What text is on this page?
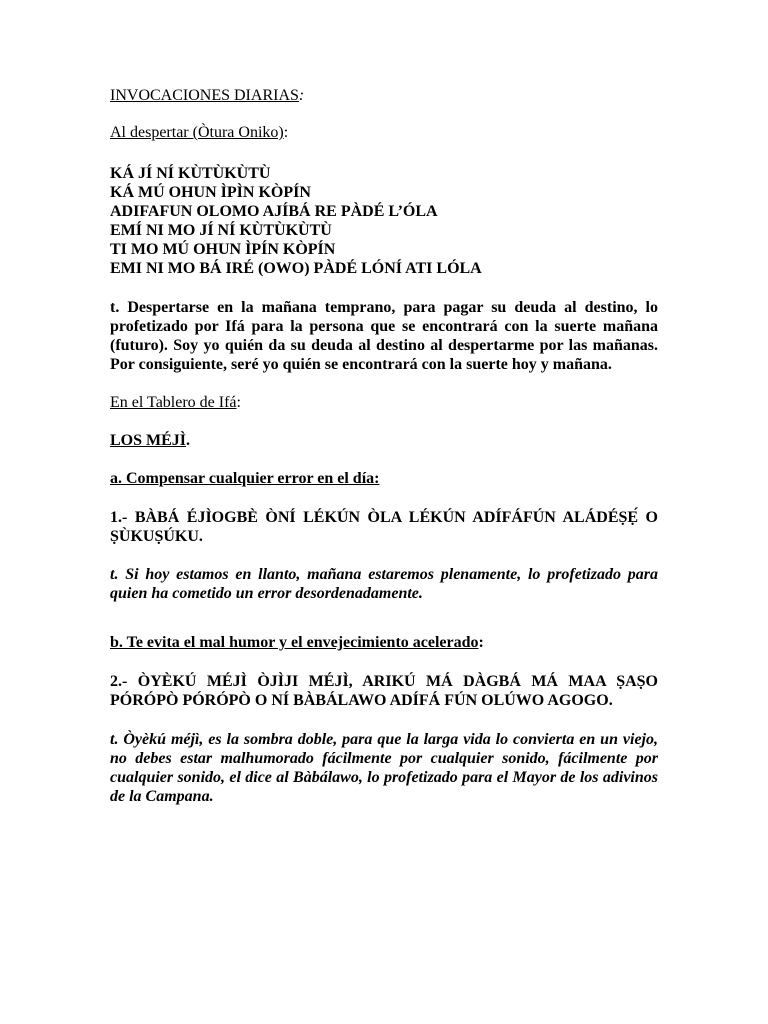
INVOCACIONES DIARIAS:

Al despertar (Òtura Oniko):

KÁ JÍ NÍ KÙTÙKÙTÙ
KÁ MÚ OHUN ÌPÌN KÒPÍN
ADIFAFUN OLOMO AJÍBÁ RE PÀDÉ L’ÓLA
EMÍ NI MO JÍ NÍ KÙTÙKÙTÙ
TI MO MÚ OHUN ÌPÍN KÒPÍN
EMI NI MO BÁ IRÉ (OWO) PÀDÉ LÓNÍ ATI LÓLA

t. Despertarse en la mañana temprano, para pagar su deuda al destino, lo profetizado por Ifá para la persona que se encontrará con la suerte mañana (futuro). Soy yo quién da su deuda al destino al despertarme por las mañanas. Por consiguiente, seré yo quién se encontrará con la suerte hoy y mañana.

En el Tablero de Ifá:

LOS MÉJÌ.

a. Compensar cualquier error en el día:

1.- BÀBÁ ÉJÌOGBÈ ÒNÍ LÉKÚN ÒLA LÉKÚN ADÍFÁFÚN ALÁDÉṢẸ́ O ṢÙKUṢÚKU.

t. Si hoy estamos en llanto, mañana estaremos plenamente, lo profetizado para quien ha cometido un error desordenadamente.

b. Te evita el mal humor y el envejecimiento acelerado:

2.- ÒYÈKÚ MÉJÌ ÒJÌJI MÉJÌ, ARIKÚ MÁ DÀGBÁ MÁ MAA ṢAṢO PÓRÓPÒ PÓRÓPÒ O NÍ BÀBÁLAWO ADÍFÁ FÚN OLÚWO AGOGO.

t. Òyèkú méjì, es la sombra doble, para que la larga vida lo convierta en un viejo, no debes estar malhumorado fácilmente por cualquier sonido, fácilmente por cualquier sonido, el dice al Bàbálawo, lo profetizado para el Mayor de los adivinos de la Campana.
